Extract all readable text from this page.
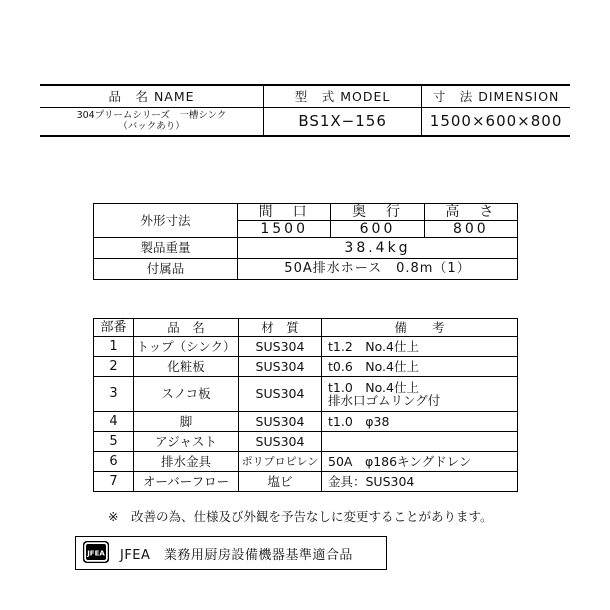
品　名 NAME	型　式 MODEL	寸　法 DIMENSION

304プリームシリーズ　一槽シンク
（バックあり）	BS1X−156	1500×600×800
外形寸法	間　口	奥　行	高　さ
	1500	600	800
製品重量	38.4kg		
付属品	50A排水ホース　0.8m（1）		
部番	品　名	材　質	備　　考
1	トップ（シンク）	SUS304	t1.2　No.4仕上
2	化粧板	SUS304	t0.6　No.4仕上
3	スノコ板	SUS304	t1.0　No.4仕上
排水口ゴムリング付

4	脚	SUS304	t1.0　φ38
5	アジャスト	SUS304	
6	排水金具	ポリプロピレン	50A　φ186キングドレン
7	オーバーフロー	塩ビ	金具：SUS304
※　改善の為、仕様及び外観を予告なしに変更することがあります。
JFEA JFEA　業務用厨房設備機器基準適合品
